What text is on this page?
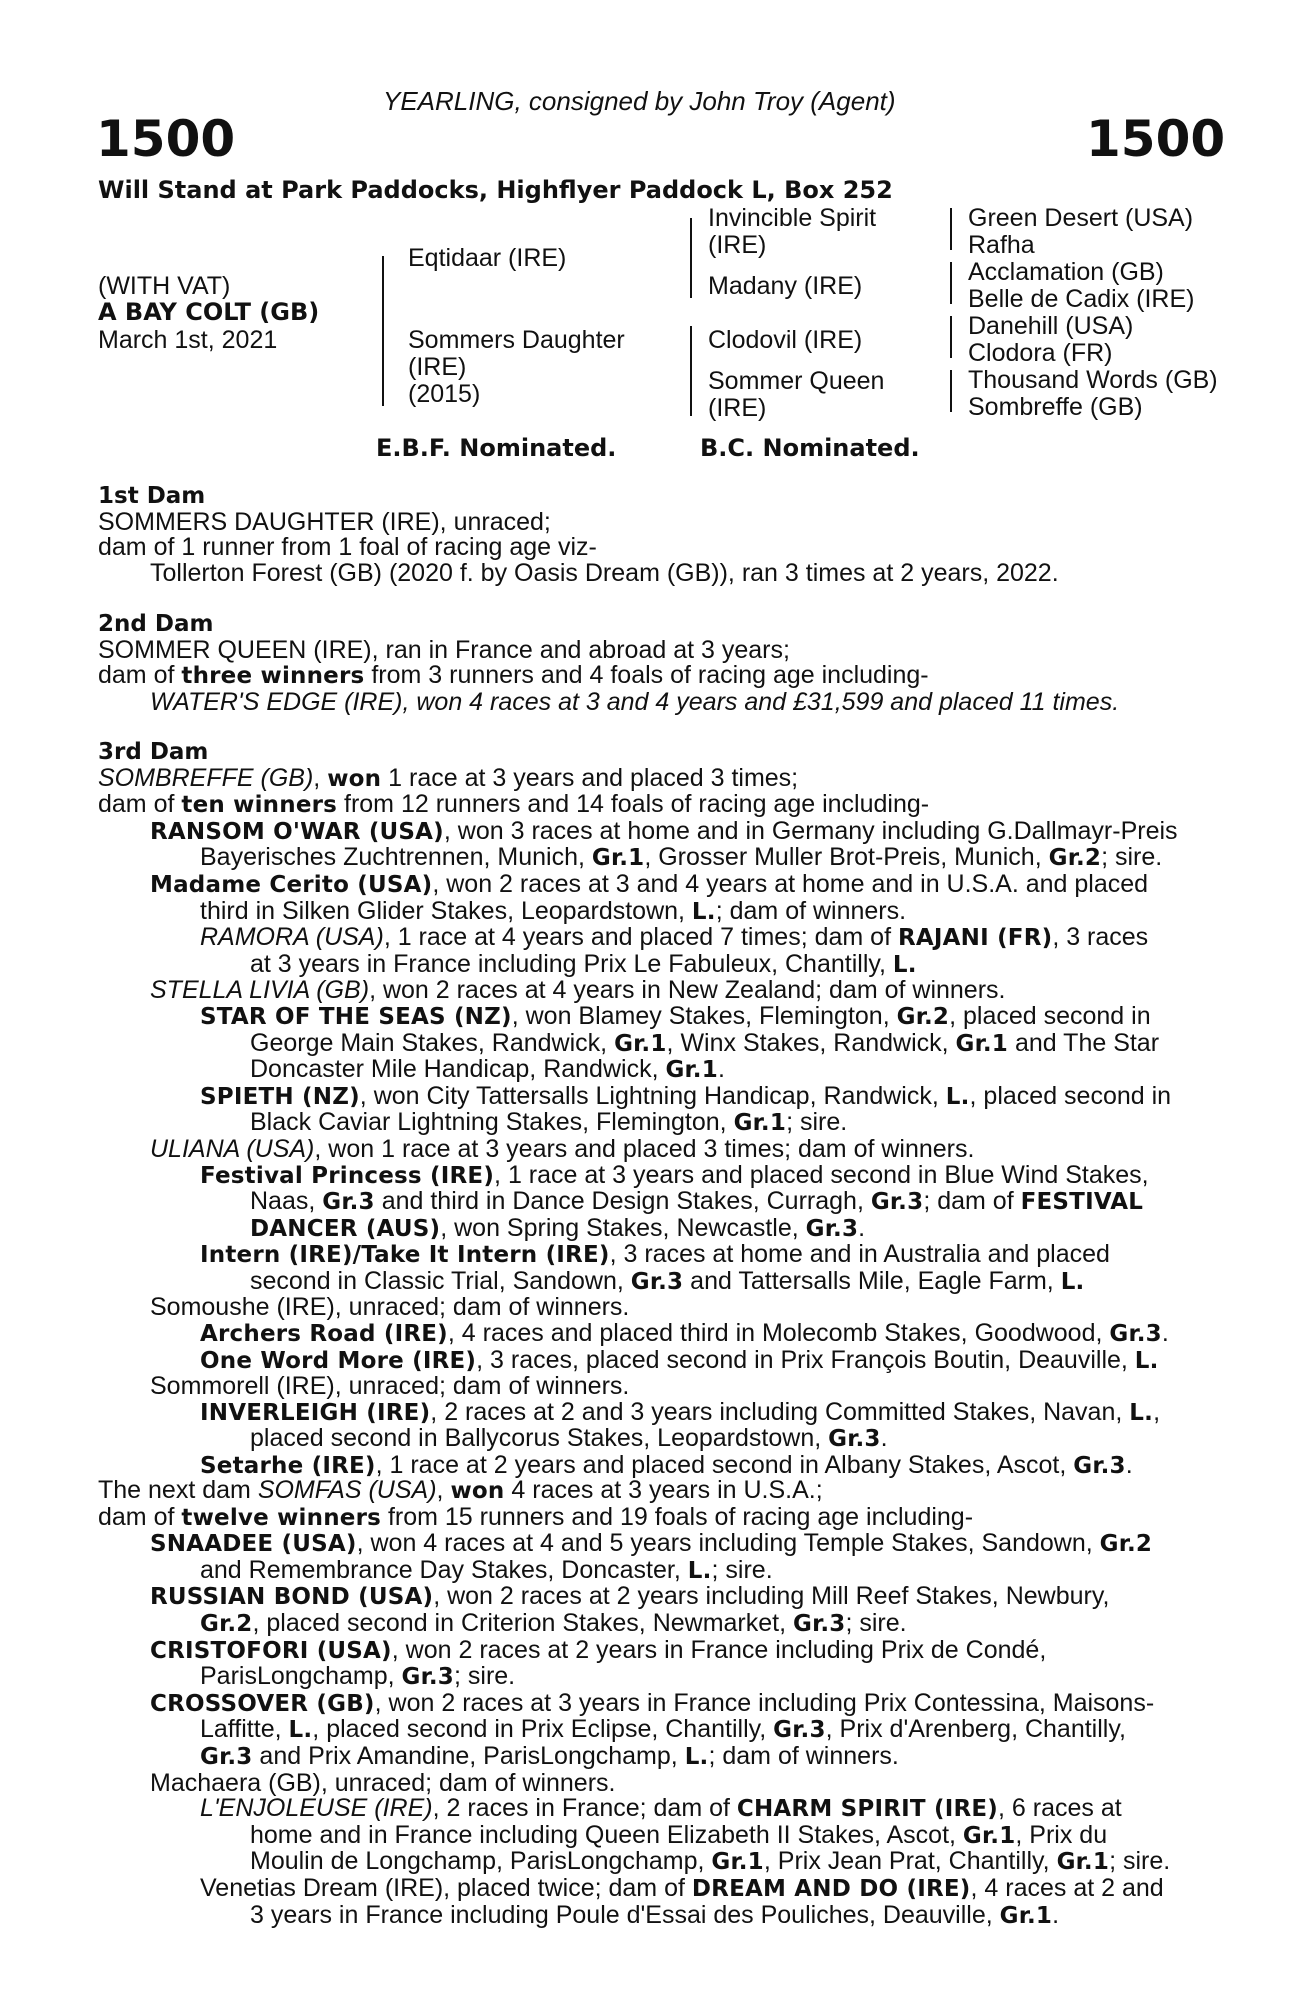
YEARLING, consigned by John Troy (Agent)
1500	1500
Will Stand at Park Paddocks, Highflyer Paddock L, Box 252
(WITH VAT)
A BAY COLT (GB)
March 1st, 2021
Eqtidaar (IRE)
Sommers Daughter
(IRE)
(2015)
Invincible Spirit
(IRE)
Madany (IRE)
Clodovil (IRE)
Sommer Queen
(IRE)
Green Desert (USA)
Rafha
Acclamation (GB)
Belle de Cadix (IRE)
Danehill (USA)
Clodora (FR)
Thousand Words (GB)
Sombreffe (GB)
E.B.F. Nominated.	B.C. Nominated.

1st Dam

SOMMERS DAUGHTER (IRE), unraced;

dam of 1 runner from 1 foal of racing age viz-

Tollerton Forest (GB) (2020 f. by Oasis Dream (GB)), ran 3 times at 2 years, 2022.

2nd Dam

SOMMER QUEEN (IRE), ran in France and abroad at 3 years;

dam of three winners from 3 runners and 4 foals of racing age including-

WATER'S EDGE (IRE), won 4 races at 3 and 4 years and £31,599 and placed 11 times.

3rd Dam

SOMBREFFE (GB), won 1 race at 3 years and placed 3 times;

dam of ten winners from 12 runners and 14 foals of racing age including-

RANSOM O'WAR (USA), won 3 races at home and in Germany including G.Dallmayr-Preis

Bayerisches Zuchtrennen, Munich, Gr.1, Grosser Muller Brot-Preis, Munich, Gr.2; sire.

Madame Cerito (USA), won 2 races at 3 and 4 years at home and in U.S.A. and placed

third in Silken Glider Stakes, Leopardstown, L.; dam of winners.

RAMORA (USA), 1 race at 4 years and placed 7 times; dam of RAJANI (FR), 3 races

at 3 years in France including Prix Le Fabuleux, Chantilly, L.

STELLA LIVIA (GB), won 2 races at 4 years in New Zealand; dam of winners.

STAR OF THE SEAS (NZ), won Blamey Stakes, Flemington, Gr.2, placed second in

George Main Stakes, Randwick, Gr.1, Winx Stakes, Randwick, Gr.1 and The Star

Doncaster Mile Handicap, Randwick, Gr.1.

SPIETH (NZ), won City Tattersalls Lightning Handicap, Randwick, L., placed second in

Black Caviar Lightning Stakes, Flemington, Gr.1; sire.

ULIANA (USA), won 1 race at 3 years and placed 3 times; dam of winners.

Festival Princess (IRE), 1 race at 3 years and placed second in Blue Wind Stakes,

Naas, Gr.3 and third in Dance Design Stakes, Curragh, Gr.3; dam of FESTIVAL

DANCER (AUS), won Spring Stakes, Newcastle, Gr.3.

Intern (IRE)/Take It Intern (IRE), 3 races at home and in Australia and placed

second in Classic Trial, Sandown, Gr.3 and Tattersalls Mile, Eagle Farm, L.

Somoushe (IRE), unraced; dam of winners.

Archers Road (IRE), 4 races and placed third in Molecomb Stakes, Goodwood, Gr.3.

One Word More (IRE), 3 races, placed second in Prix François Boutin, Deauville, L.

Sommorell (IRE), unraced; dam of winners.

INVERLEIGH (IRE), 2 races at 2 and 3 years including Committed Stakes, Navan, L.,

placed second in Ballycorus Stakes, Leopardstown, Gr.3.

Setarhe (IRE), 1 race at 2 years and placed second in Albany Stakes, Ascot, Gr.3.

The next dam SOMFAS (USA), won 4 races at 3 years in U.S.A.;

dam of twelve winners from 15 runners and 19 foals of racing age including-

SNAADEE (USA), won 4 races at 4 and 5 years including Temple Stakes, Sandown, Gr.2

and Remembrance Day Stakes, Doncaster, L.; sire.

RUSSIAN BOND (USA), won 2 races at 2 years including Mill Reef Stakes, Newbury,

Gr.2, placed second in Criterion Stakes, Newmarket, Gr.3; sire.

CRISTOFORI (USA), won 2 races at 2 years in France including Prix de Condé,

ParisLongchamp, Gr.3; sire.

CROSSOVER (GB), won 2 races at 3 years in France including Prix Contessina, Maisons-

Laffitte, L., placed second in Prix Eclipse, Chantilly, Gr.3, Prix d'Arenberg, Chantilly,

Gr.3 and Prix Amandine, ParisLongchamp, L.; dam of winners.

Machaera (GB), unraced; dam of winners.

L'ENJOLEUSE (IRE), 2 races in France; dam of CHARM SPIRIT (IRE), 6 races at

home and in France including Queen Elizabeth II Stakes, Ascot, Gr.1, Prix du

Moulin de Longchamp, ParisLongchamp, Gr.1, Prix Jean Prat, Chantilly, Gr.1; sire.

Venetias Dream (IRE), placed twice; dam of DREAM AND DO (IRE), 4 races at 2 and

3 years in France including Poule d'Essai des Pouliches, Deauville, Gr.1.
